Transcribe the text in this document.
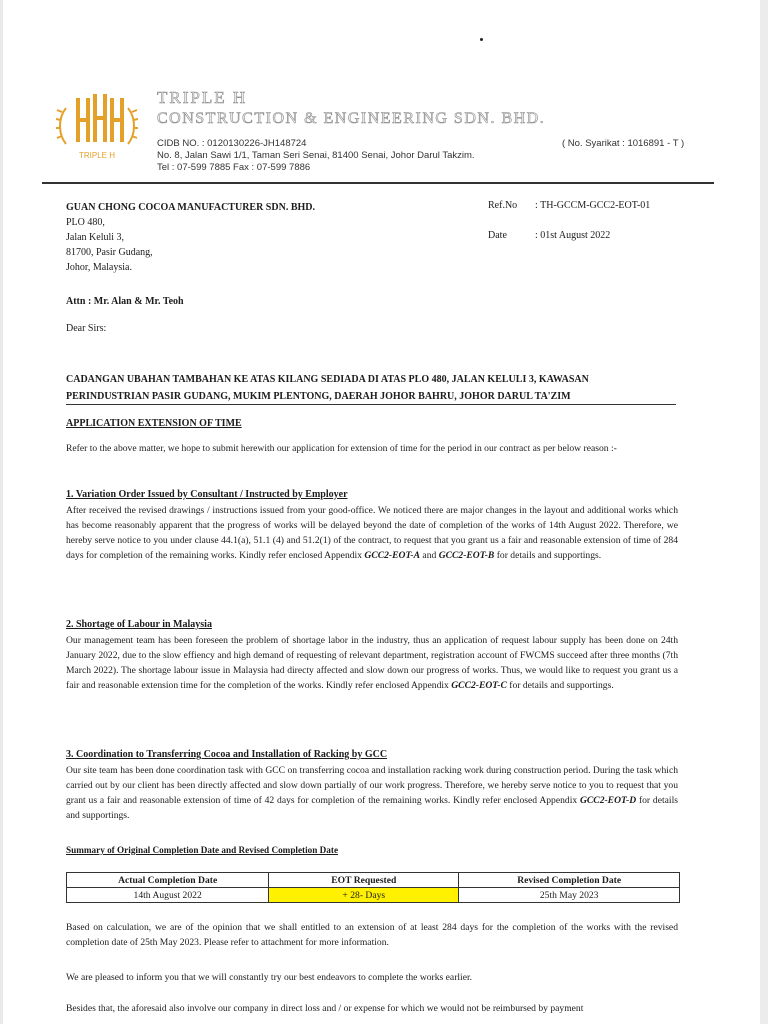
TRIPLE H
TRIPLE H
CONSTRUCTION & ENGINEERING SDN. BHD.
CIDB NO. : 0120130226-JH148724
No. 8, Jalan Sawi 1/1, Taman Seri Senai, 81400 Senai, Johor Darul Takzim.
Tel : 07-599 7885 Fax : 07-599 7886
( No. Syarikat : 1016891 - T )
GUAN CHONG COCOA MANUFACTURER SDN. BHD.
PLO 480,
Jalan Keluli 3,
81700, Pasir Gudang,
Johor, Malaysia.
Ref.No : TH-GCCM-GCC2-EOT-01
Date	: 01st August 2022
Attn : Mr. Alan & Mr. Teoh
Dear Sirs:
CADANGAN UBAHAN TAMBAHAN KE ATAS KILANG SEDIADA DI ATAS PLO 480, JALAN KELULI 3, KAWASAN
PERINDUSTRIAN PASIR GUDANG, MUKIM PLENTONG, DAERAH JOHOR BAHRU, JOHOR DARUL TA'ZIM
APPLICATION EXTENSION OF TIME
Refer to the above matter, we hope to submit herewith our application for extension of time for the period in our contract as per below reason :-
1. Variation Order Issued by Consultant / Instructed by Employer
After received the revised drawings / instructions issued from your good-office. We noticed there are major changes in the layout and additional works which has become reasonably apparent that the progress of works will be delayed beyond the date of completion of the works of 14th August 2022. Therefore, we hereby serve notice to you under clause 44.1(a), 51.1 (4) and 51.2(1) of the contract, to request that you grant us a fair and reasonable extension of time of 284 days for completion of the remaining works. Kindly refer enclosed Appendix GCC2-EOT-A and GCC2-EOT-B for details and supportings.
2. Shortage of Labour in Malaysia
Our management team has been foreseen the problem of shortage labor in the industry, thus an application of request labour supply has been done on 24th January 2022, due to the slow effiency and high demand of requesting of relevant department, registration account of FWCMS succeed after three months (7th March 2022). The shortage labour issue in Malaysia had directy affected and slow down our progress of works. Thus, we would like to request you grant us a fair and reasonable extension time for the completion of the works. Kindly refer enclosed Appendix GCC2-EOT-C for details and supportings.
3. Coordination to Transferring Cocoa and Installation of Racking by GCC
Our site team has been done coordination task with GCC on transferring cocoa and installation racking work during construction period. During the task which carried out by our client has been directly affected and slow down partially of our work progress. Therefore, we hereby serve notice to you to request that you grant us a fair and reasonable extension of time of 42 days for completion of the remaining works. Kindly refer enclosed Appendix GCC2-EOT-D for details and supportings.
Summary of Original Completion Date and Revised Completion Date
Actual Completion Date	EOT Requested	Revised Completion Date
14th August 2022	+ 28- Days	25th May 2023
Based on calculation, we are of the opinion that we shall entitled to an extension of at least 284 days for the completion of the works with the revised completion date of 25th May 2023. Please refer to attachment for more information.
We are pleased to inform you that we will constantly try our best endeavors to complete the works earlier.
Besides that, the aforesaid also involve our company in direct loss and / or expense for which we would not be reimbursed by payment
